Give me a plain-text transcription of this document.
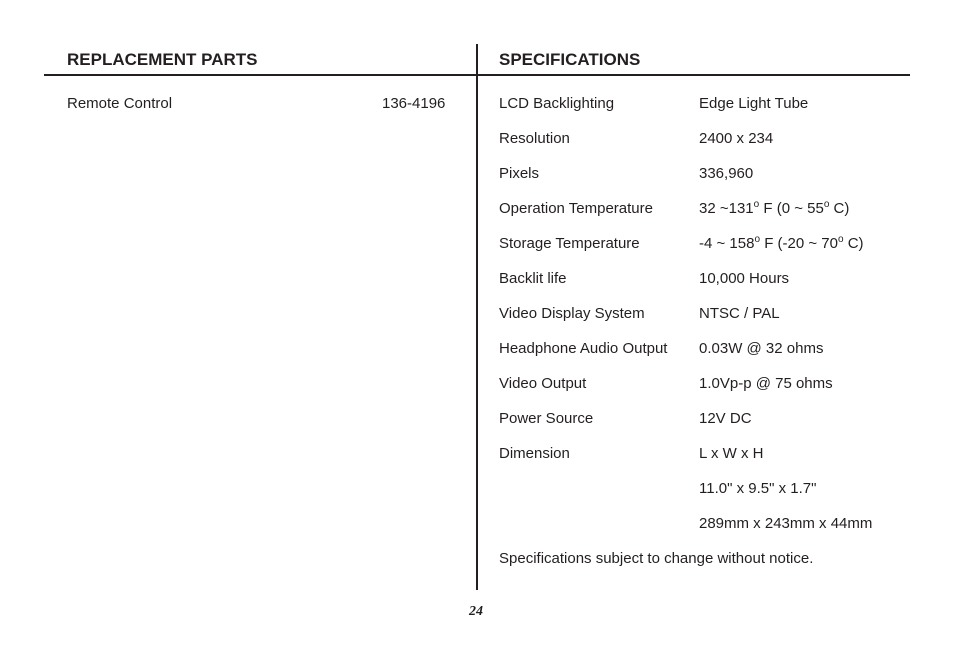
REPLACEMENT PARTS
Remote Control	136-4196
SPECIFICATIONS
LCD Backlighting	Edge Light Tube
Resolution	2400 x 234
Pixels	336,960
Operation Temperature	32 ~131$^o$ F (0 ~ 55$^o$ C)
Storage Temperature	-4 ~ 158$^o$ F (-20 ~ 70$^o$ C)
Backlit life	10,000 Hours
Video Display System	NTSC / PAL
Headphone Audio Output 0.03W @ 32 ohms
Video Output	1.0Vp-p @ 75 ohms
Power Source	12V DC
Dimension	L x W x H
11.0" x 9.5" x 1.7"
289mm x 243mm x 44mm
Specifications subject to change without notice.
24
